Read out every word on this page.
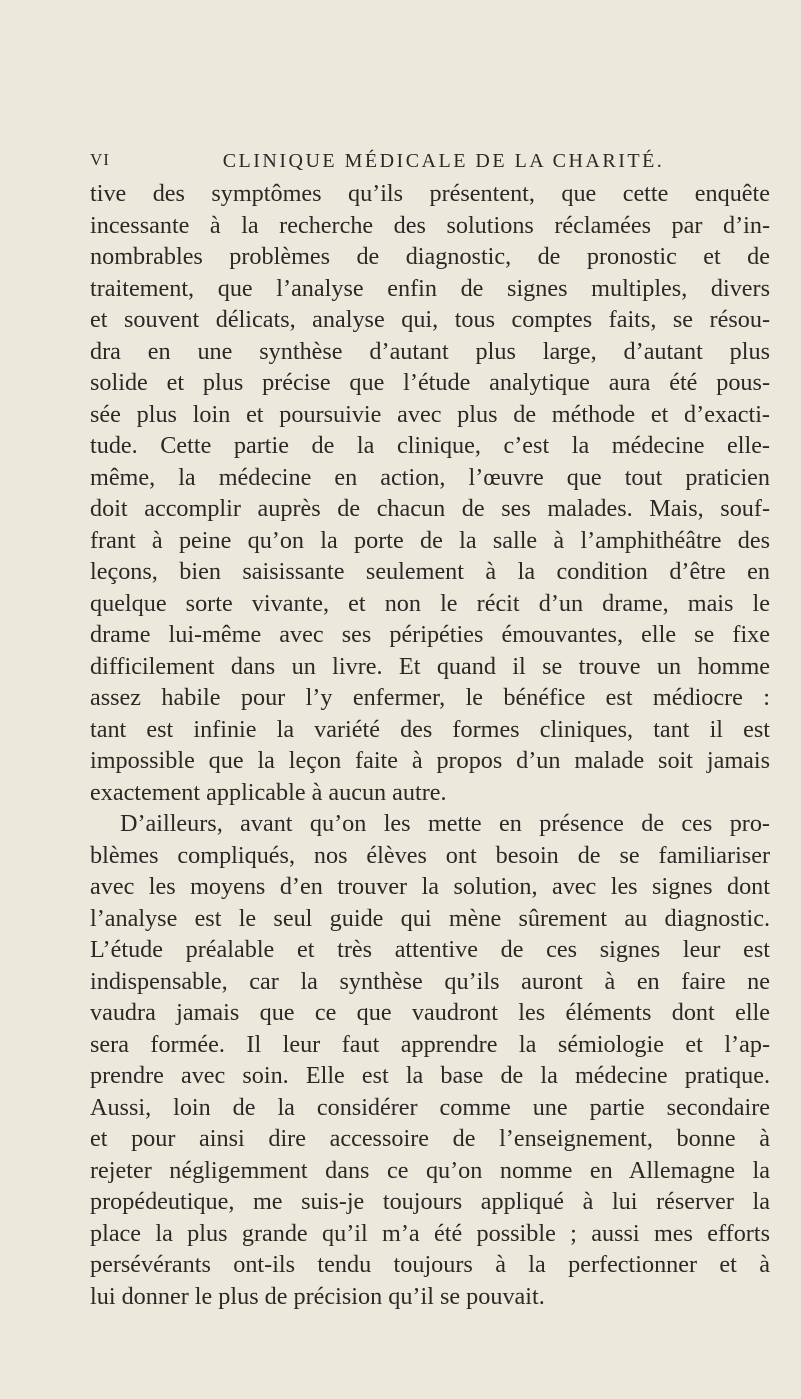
VI	CLINIQUE MÉDICALE DE LA CHARITÉ.
tive des symptômes qu’ils présentent, que cette enquête
incessante à la recherche des solutions réclamées par d’in-
nombrables problèmes de diagnostic, de pronostic et de
traitement, que l’analyse enfin de signes multiples, divers
et souvent délicats, analyse qui, tous comptes faits, se résou-
dra en une synthèse d’autant plus large, d’autant plus
solide et plus précise que l’étude analytique aura été pous-
sée plus loin et poursuivie avec plus de méthode et d’exacti-
tude. Cette partie de la clinique, c’est la médecine elle-
même, la médecine en action, l’œuvre que tout praticien
doit accomplir auprès de chacun de ses malades. Mais, souf-
frant à peine qu’on la porte de la salle à l’amphithéâtre des
leçons, bien saisissante seulement à la condition d’être en
quelque sorte vivante, et non le récit d’un drame, mais le
drame lui-même avec ses péripéties émouvantes, elle se fixe
difficilement dans un livre. Et quand il se trouve un homme
assez habile pour l’y enfermer, le bénéfice est médiocre :
tant est infinie la variété des formes cliniques, tant il est
impossible que la leçon faite à propos d’un malade soit jamais
exactement applicable à aucun autre.
D’ailleurs, avant qu’on les mette en présence de ces pro-
blèmes compliqués, nos élèves ont besoin de se familiariser
avec les moyens d’en trouver la solution, avec les signes dont
l’analyse est le seul guide qui mène sûrement au diagnostic.
L’étude préalable et très attentive de ces signes leur est
indispensable, car la synthèse qu’ils auront à en faire ne
vaudra jamais que ce que vaudront les éléments dont elle
sera formée. Il leur faut apprendre la sémiologie et l’ap-
prendre avec soin. Elle est la base de la médecine pratique.
Aussi, loin de la considérer comme une partie secondaire
et pour ainsi dire accessoire de l’enseignement, bonne à
rejeter négligemment dans ce qu’on nomme en Allemagne la
propédeutique, me suis-je toujours appliqué à lui réserver la
place la plus grande qu’il m’a été possible ; aussi mes efforts
persévérants ont-ils tendu toujours à la perfectionner et à
lui donner le plus de précision qu’il se pouvait.
